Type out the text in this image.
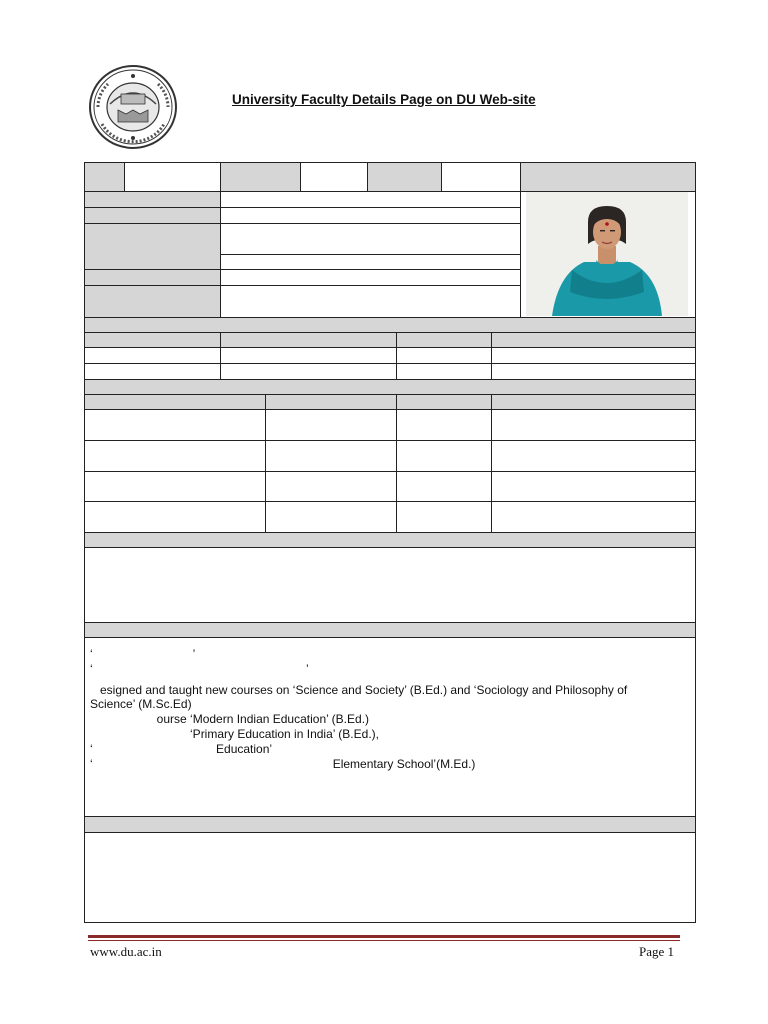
University Faculty Details Page on DU Web-site
‘                              ’
‘                                                                ’
esigned and taught new courses on ‘Science and Society’ (B.Ed.) and ‘Sociology and Philosophy of
Science’ (M.Sc.Ed)
ourse ‘Modern Indian Education’ (B.Ed.)
‘Primary Education in India’ (B.Ed.),
‘                                     Education’
‘                                                                        Elementary School’(M.Ed.)
www.du.ac.in	Page 1
